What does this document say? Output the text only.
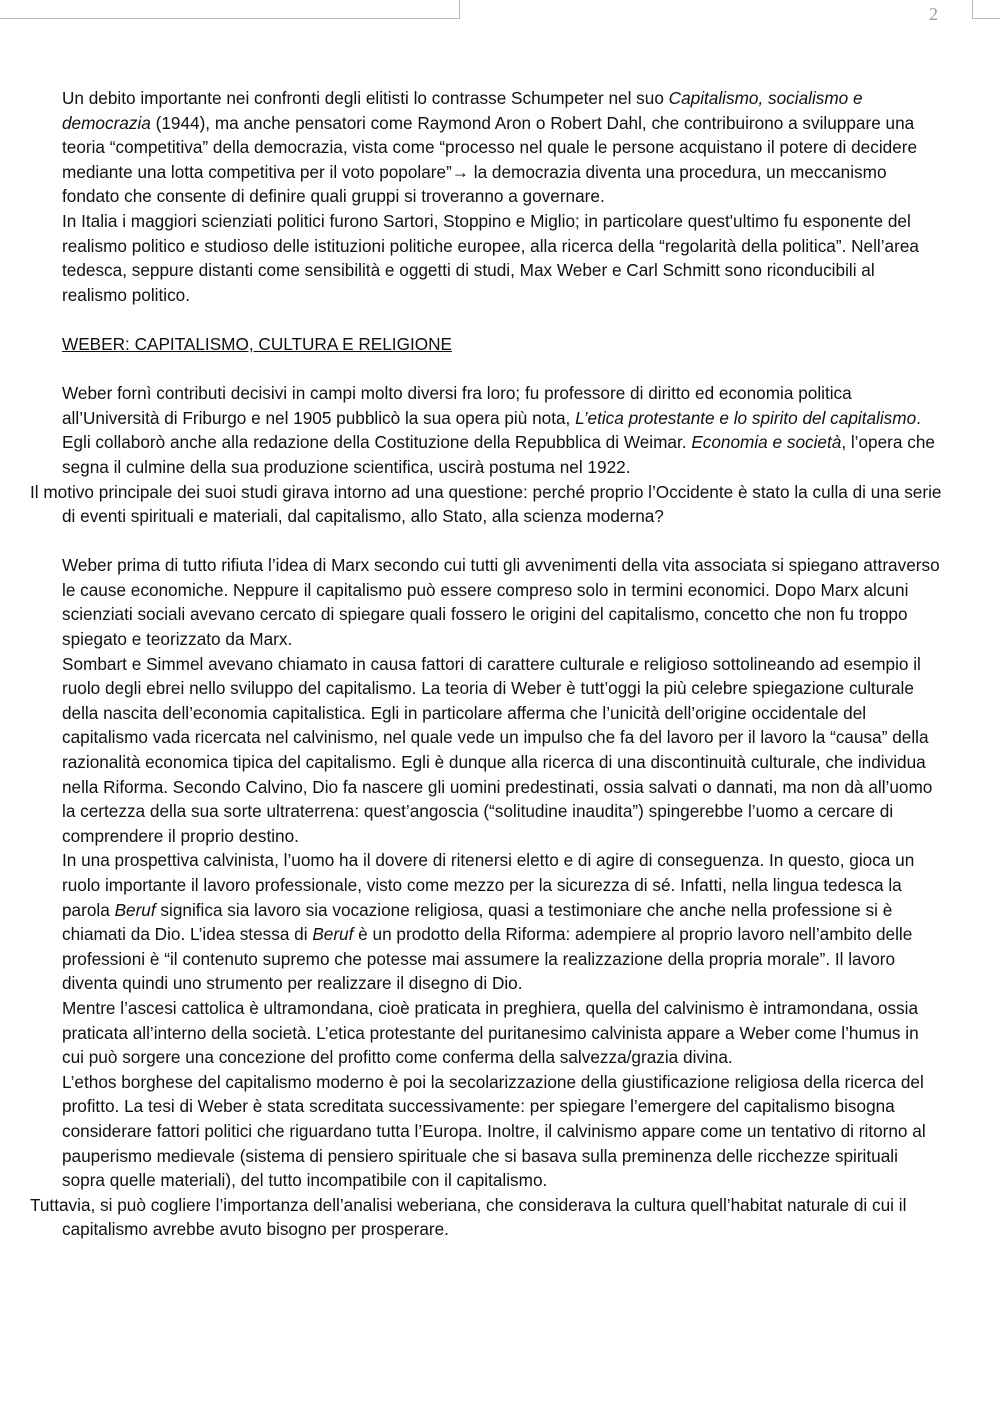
2

Un debito importante nei confronti degli elitisti lo contrasse Schumpeter nel suo Capitalismo, socialismo e democrazia (1944), ma anche pensatori come Raymond Aron o Robert Dahl, che contribuirono a sviluppare una teoria “competitiva” della democrazia, vista come “processo nel quale le persone acquistano il potere di decidere mediante una lotta competitiva per il voto popolare”→ la democrazia diventa una procedura, un meccanismo fondato che consente di definire quali gruppi si troveranno a governare.

In Italia i maggiori scienziati politici furono Sartori, Stoppino e Miglio; in particolare quest'ultimo fu esponente del realismo politico e studioso delle istituzioni politiche europee, alla ricerca della “regolarità della politica”. Nell’area tedesca, seppure distanti come sensibilità e oggetti di studi, Max Weber e Carl Schmitt sono riconducibili al realismo politico.

WEBER: CAPITALISMO, CULTURA E RELIGIONE

Weber fornì contributi decisivi in campi molto diversi fra loro; fu professore di diritto ed economia politica all’Università di Friburgo e nel 1905 pubblicò la sua opera più nota, L’etica protestante e lo spirito del capitalismo. Egli collaborò anche alla redazione della Costituzione della Repubblica di Weimar. Economia e società, l’opera che segna il culmine della sua produzione scientifica, uscirà postuma nel 1922.

Il motivo principale dei suoi studi girava intorno ad una questione: perché proprio l’Occidente è stato la culla di una serie di eventi spirituali e materiali, dal capitalismo, allo Stato, alla scienza moderna?

Weber prima di tutto rifiuta l’idea di Marx secondo cui tutti gli avvenimenti della vita associata si spiegano attraverso le cause economiche. Neppure il capitalismo può essere compreso solo in termini economici. Dopo Marx alcuni scienziati sociali avevano cercato di spiegare quali fossero le origini del capitalismo, concetto che non fu troppo spiegato e teorizzato da Marx.

Sombart e Simmel avevano chiamato in causa fattori di carattere culturale e religioso sottolineando ad esempio il ruolo degli ebrei nello sviluppo del capitalismo. La teoria di Weber è tutt’oggi la più celebre spiegazione culturale della nascita dell’economia capitalistica. Egli in particolare afferma che l’unicità dell’origine occidentale del capitalismo vada ricercata nel calvinismo, nel quale vede un impulso che fa del lavoro per il lavoro la “causa” della razionalità economica tipica del capitalismo. Egli è dunque alla ricerca di una discontinuità culturale, che individua nella Riforma. Secondo Calvino, Dio fa nascere gli uomini predestinati, ossia salvati o dannati, ma non dà all’uomo la certezza della sua sorte ultraterrena: quest’angoscia (“solitudine inaudita”) spingerebbe l’uomo a cercare di comprendere il proprio destino.

In una prospettiva calvinista, l’uomo ha il dovere di ritenersi eletto e di agire di conseguenza. In questo, gioca un ruolo importante il lavoro professionale, visto come mezzo per la sicurezza di sé. Infatti, nella lingua tedesca la parola Beruf significa sia lavoro sia vocazione religiosa, quasi a testimoniare che anche nella professione si è chiamati da Dio. L’idea stessa di Beruf è un prodotto della Riforma: adempiere al proprio lavoro nell’ambito delle professioni è “il contenuto supremo che potesse mai assumere la realizzazione della propria morale”. Il lavoro diventa quindi uno strumento per realizzare il disegno di Dio.

Mentre l’ascesi cattolica è ultramondana, cioè praticata in preghiera, quella del calvinismo è intramondana, ossia praticata all’interno della società. L’etica protestante del puritanesimo calvinista appare a Weber come l’humus in cui può sorgere una concezione del profitto come conferma della salvezza/grazia divina.

L’ethos borghese del capitalismo moderno è poi la secolarizzazione della giustificazione religiosa della ricerca del profitto. La tesi di Weber è stata screditata successivamente: per spiegare l’emergere del capitalismo bisogna considerare fattori politici che riguardano tutta l’Europa. Inoltre, il calvinismo appare come un tentativo di ritorno al pauperismo medievale (sistema di pensiero spirituale che si basava sulla preminenza delle ricchezze spirituali sopra quelle materiali), del tutto incompatibile con il capitalismo.

Tuttavia, si può cogliere l’importanza dell’analisi weberiana, che considerava la cultura quell’habitat naturale di cui il capitalismo avrebbe avuto bisogno per prosperare.
